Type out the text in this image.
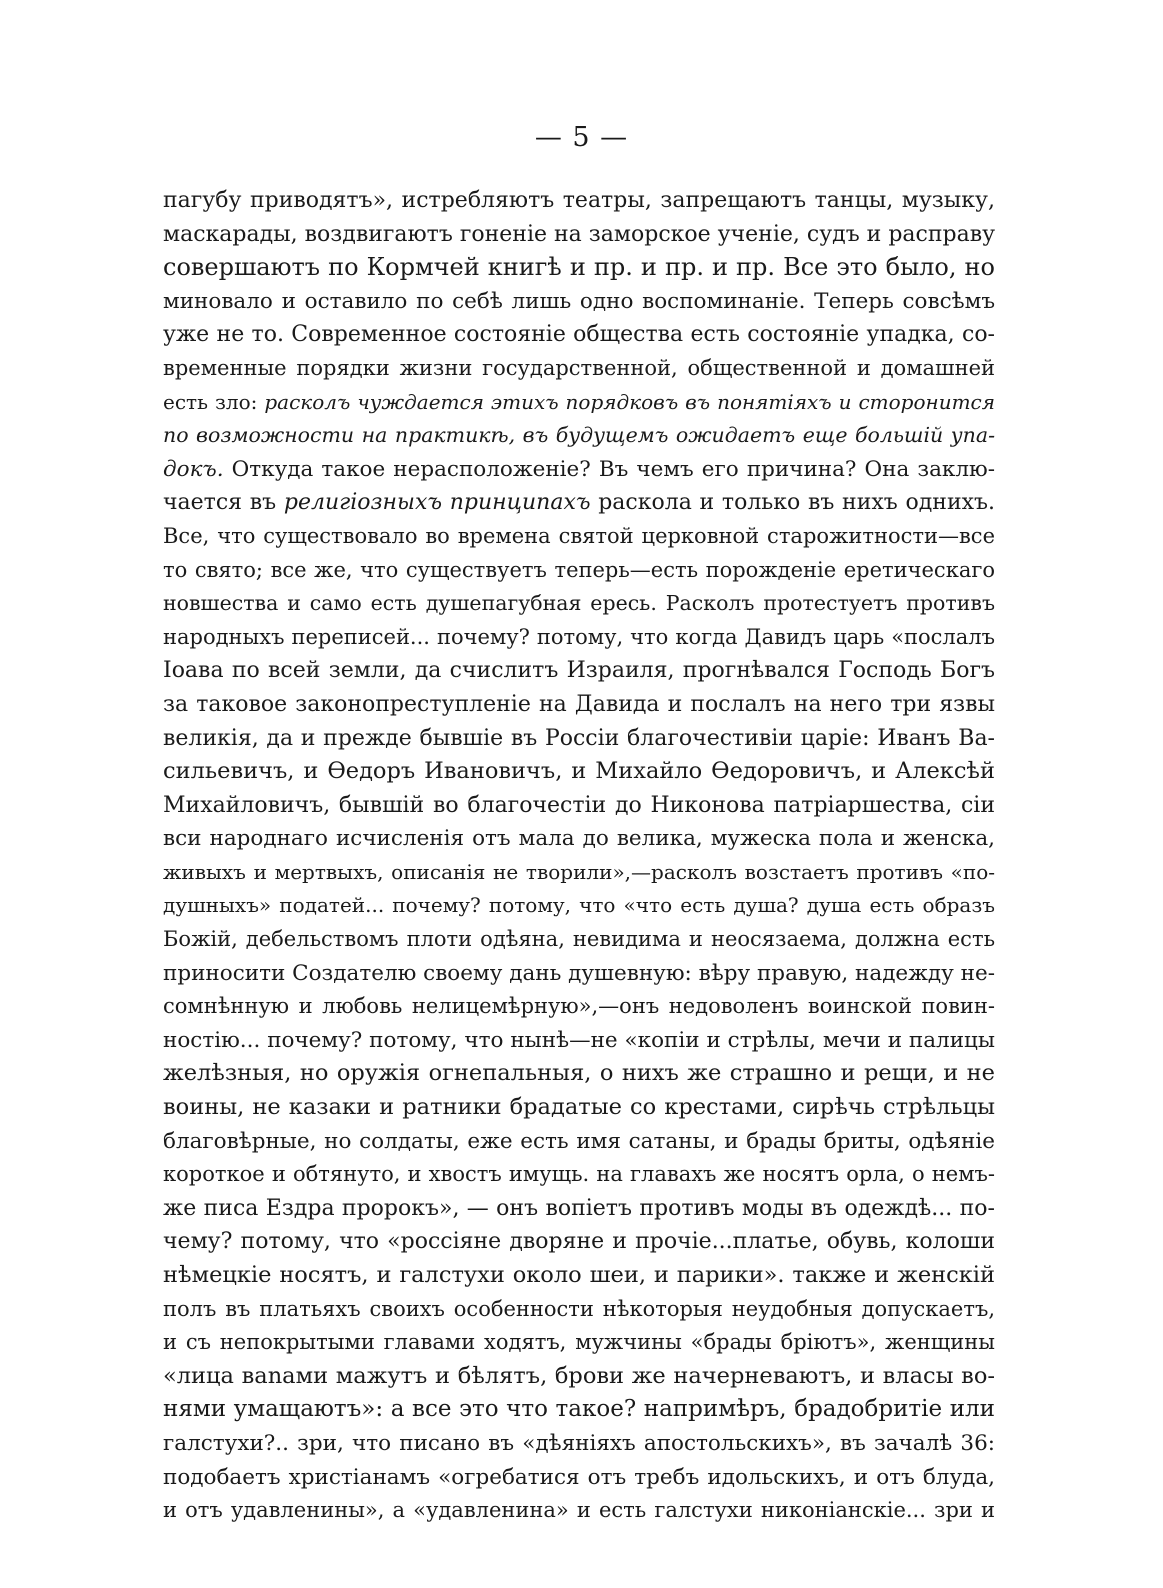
— 5 —
пагубу приводятъ», истребляютъ театры, запрещаютъ танцы, музыку,
маскарады, воздвигаютъ гоненіе на заморское ученіе, судъ и расправу
совершаютъ по Кормчей книгѣ и пр. и пр. и пр. Все это было, но
миновало и оставило по себѣ лишь одно воспоминаніе. Теперь совсѣмъ
уже не то. Современное состояніе общества есть состояніе упадка, со-
временные порядки жизни государственной, общественной и домашней
есть зло: расколъ чуждается этихъ порядковъ въ понятіяхъ и сторонится
по возможности на практикѣ, въ будущемъ ожидаетъ еще большій упа-
докъ. Откуда такое нерасположеніе? Въ чемъ его причина? Она заклю-
чается въ религіозныхъ принципахъ раскола и только въ нихъ однихъ.
Все, что существовало во времена святой церковной старожитности—все
то свято; все же, что существуетъ теперь—есть порожденіе еретическаго
новшества и само есть душепагубная ересь. Расколъ протестуетъ противъ
народныхъ переписей... почему? потому, что когда Давидъ царь «послалъ
Іоава по всей земли, да счислитъ Израиля, прогнѣвался Господь Богъ
за таковое законопреступленіе на Давида и послалъ на него три язвы
великія, да и прежде бывшіе въ Россіи благочестивіи царіе: Иванъ Ва-
сильевичъ, и Ѳедоръ Ивановичъ, и Михайло Ѳедоровичъ, и Алексѣй
Михайловичъ, бывшій во благочестіи до Никонова патріаршества, сіи
вси народнаго исчисленія отъ мала до велика, мужеска пола и женска,
живыхъ и мертвыхъ, описанія не творили»,—расколъ возстаетъ противъ «по-
душныхъ» податей... почему? потому, что «что есть душа? душа есть образъ
Божій, дебельствомъ плоти одѣяна, невидима и неосязаема, должна есть
приносити Создателю своему дань душевную: вѣру правую, надежду не-
сомнѣнную и любовь нелицемѣрную»,—онъ недоволенъ воинской повин-
ностію... почему? потому, что нынѣ—не «копіи и стрѣлы, мечи и палицы
желѣзныя, но оружія огнепальныя, о нихъ же страшно и рещи, и не
воины, не казаки и ратники брадатые со крестами, сирѣчь стрѣльцы
благовѣрные, но солдаты, еже есть имя сатаны, и брады бриты, одѣяніе
короткое и обтянуто, и хвостъ имущь. на главахъ же носятъ орла, о немъ-
же писа Ездра пророкъ», — онъ вопіетъ противъ моды въ одеждѣ... по-
чему? потому, что «россіяне дворяне и прочіе...платье, обувь, колоши
нѣмецкіе носятъ, и галстухи около шеи, и парики». также и женскій
полъ въ платьяхъ своихъ особенности нѣкоторыя неудобныя допускаетъ,
и съ непокрытыми главами ходятъ, мужчины «брады бріютъ», женщины
«лица ваnами мажутъ и бѣлятъ, брови же начерневаютъ, и власы во-
нями умащаютъ»: а все это что такое? напримѣръ, брадобритіе или
галстухи?.. зри, что писано въ «дѣяніяхъ апостольскихъ», въ зачалѣ 36:
подобаетъ христіанамъ «огребатися отъ требъ идольскихъ, и отъ блуда,
и отъ удавленины», а «удавленина» и есть галстухи никоніанскіе... зри и
